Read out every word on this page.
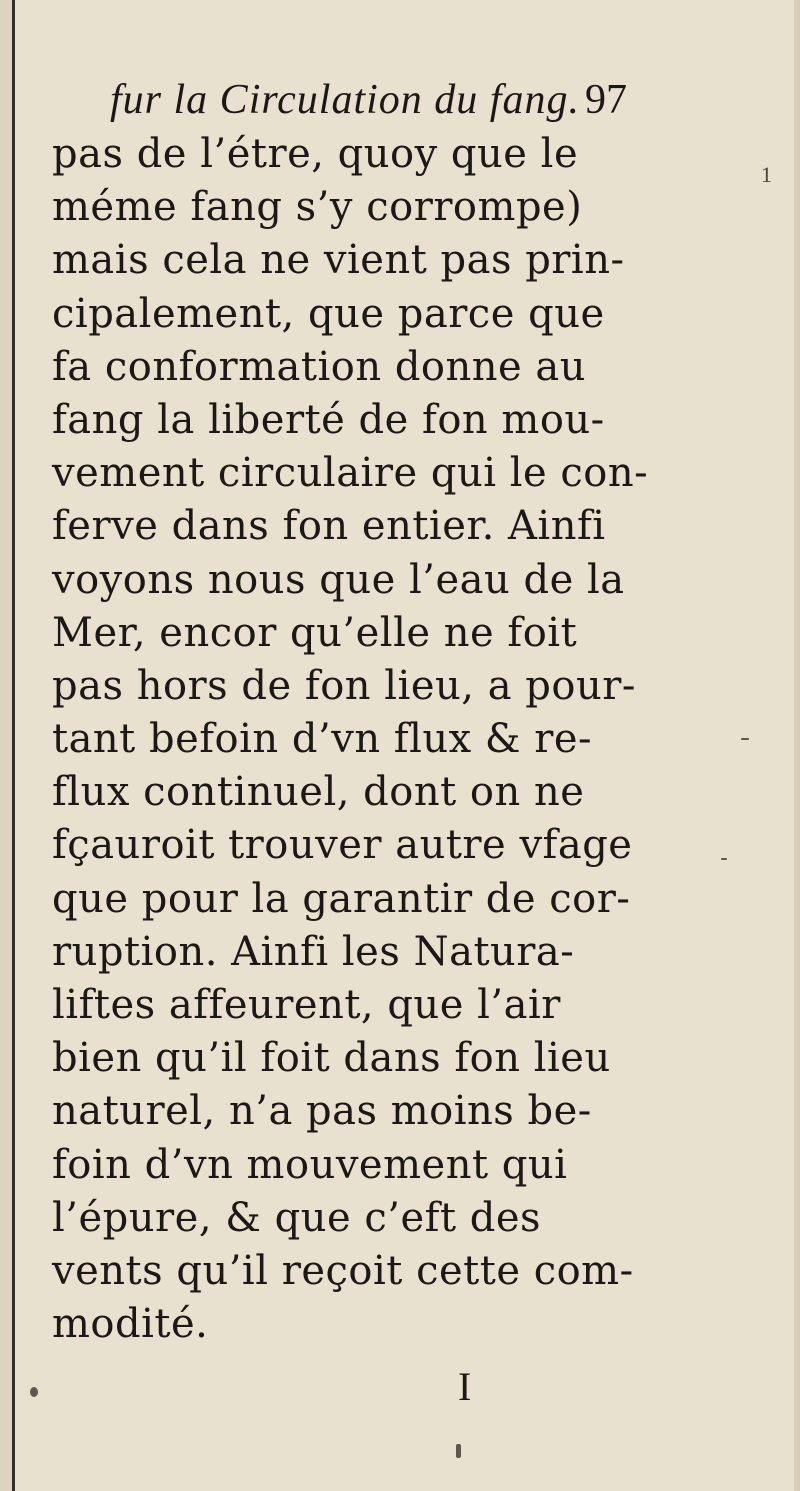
fur la Circulation du fang. 97
1
pas de l’étre, quoy que le
méme fang s’y corrompe)
mais cela ne vient pas prin-
cipalement, que parce que
fa conformation donne au
fang la liberté de fon mou-
vement circulaire qui le con-
ferve dans fon entier. Ainfi
voyons nous que l’eau de la
Mer, encor qu’elle ne foit
pas hors de fon lieu, a pour-
tant befoin d’vn flux & re-
flux continuel, dont on ne
fçauroit trouver autre vfage
que pour la garantir de cor-
ruption. Ainfi les Natura-
liftes affeurent, que l’air
bien qu’il foit dans fon lieu
naturel, n’a pas moins be-
foin d’vn mouvement qui
l’épure, & que c’eft des
vents qu’il reçoit cette com-
modité.
I
